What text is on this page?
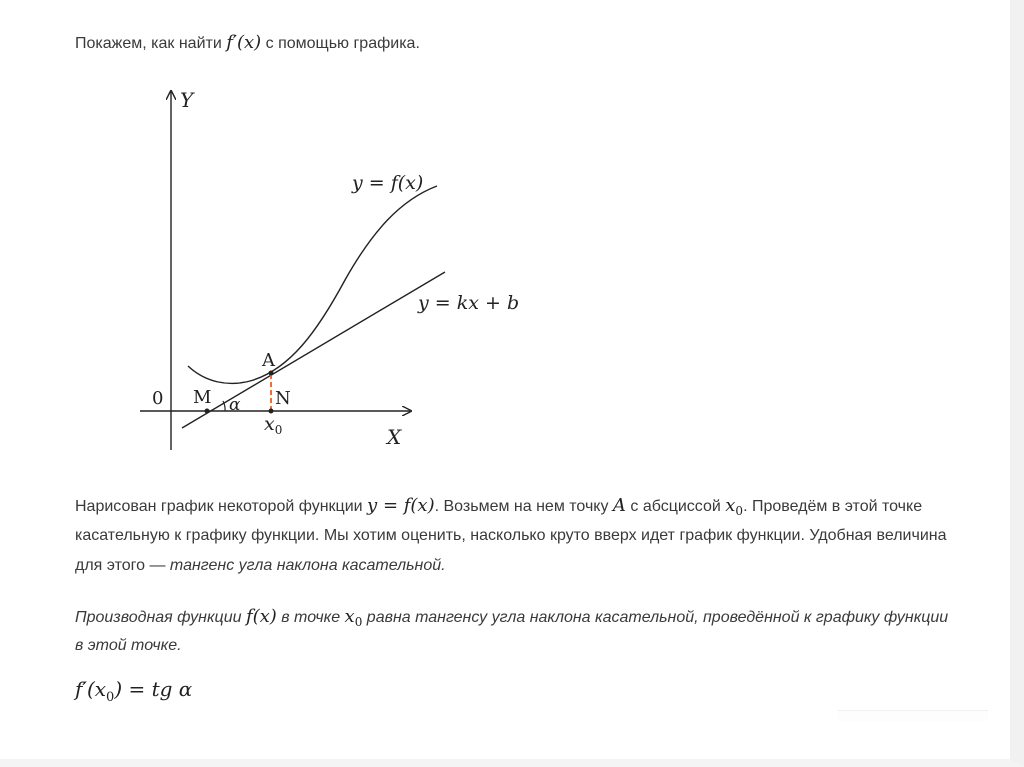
Покажем, как найти f′(x) с помощью графика.
Y
X
0
y = f(x)
y = kx + b
A
M	N
α
$x_0$
Нарисован график некоторой функции y = f(x). Возьмем на нем точку A с абсциссой $x_0$. Проведём в этой точке
касательную к графику функции. Мы хотим оценить, насколько круто вверх идет график функции. Удобная величина
для этого — тангенс угла наклона касательной.
Производная функции f(x) в точке $x_0$ равна тангенсу угла наклона касательной, проведённой к графику функции
в этой точке.
$f'(x_0)$ = tg α
